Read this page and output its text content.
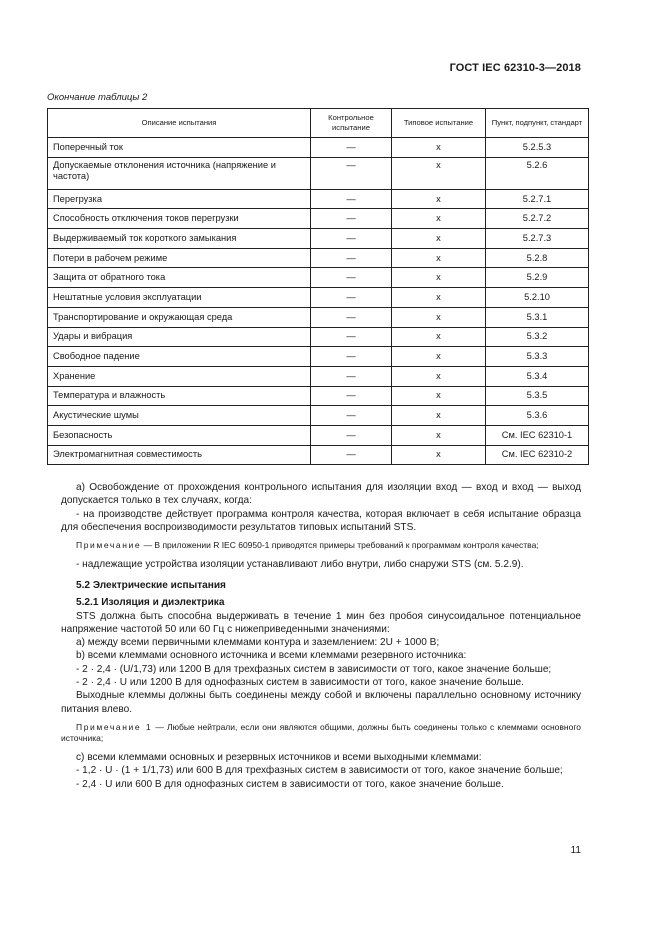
ГОСТ IEC 62310-3—2018
Окончание таблицы 2
Описание испытания	Контрольное испытание	Типовое испытание	Пункт, подпункт, стандарт
Поперечный ток	—	x	5.2.5.3
Допускаемые отклонения источника (напряжение и частота)	—	x	5.2.6
Перегрузка	—	x	5.2.7.1
Способность отключения токов перегрузки	—	x	5.2.7.2
Выдерживаемый ток короткого замыкания	—	x	5.2.7.3
Потери в рабочем режиме	—	x	5.2.8
Защита от обратного тока	—	x	5.2.9
Нештатные условия эксплуатации	—	x	5.2.10
Транспортирование и окружающая среда	—	x	5.3.1
Удары и вибрация	—	x	5.3.2
Свободное падение	—	x	5.3.3
Хранение	—	x	5.3.4
Температура и влажность	—	x	5.3.5
Акустические шумы	—	x	5.3.6
Безопасность	—	x	См. IEC 62310-1
Электромагнитная совместимость	—	x	См. IEC 62310-2

a) Освобождение от прохождения контрольного испытания для изоляции вход — вход и вход — выход допускается только в тех случаях, когда:

- на производстве действует программа контроля качества, которая включает в себя испытание образца для обеспечения воспроизводимости результатов типовых испытаний STS.

Примечание — В приложении R IEC 60950-1 приводятся примеры требований к программам контроля качества;

- надлежащие устройства изоляции устанавливают либо внутри, либо снаружи STS (см. 5.2.9).

5.2 Электрические испытания

5.2.1 Изоляция и диэлектрика

STS должна быть способна выдерживать в течение 1 мин без пробоя синусоидальное потенциальное напряжение частотой 50 или 60 Гц с нижеприведенными значениями:

a) между всеми первичными клеммами контура и заземлением: 2U + 1000 B;

b) всеми клеммами основного источника и всеми клеммами резервного источника:

- 2 · 2,4 · (U/1,73) или 1200 В для трехфазных систем в зависимости от того, какое значение больше;

- 2 · 2,4 · U или 1200 В для однофазных систем в зависимости от того, какое значение больше.

Выходные клеммы должны быть соединены между собой и включены параллельно основному источнику питания влево.

Примечание 1 — Любые нейтрали, если они являются общими, должны быть соединены только с клеммами основного источника;

c) всеми клеммами основных и резервных источников и всеми выходными клеммами:

- 1,2 · U · (1 + 1/1,73) или 600 В для трехфазных систем в зависимости от того, какое значение больше;

- 2,4 · U или 600 В для однофазных систем в зависимости от того, какое значение больше.

11
